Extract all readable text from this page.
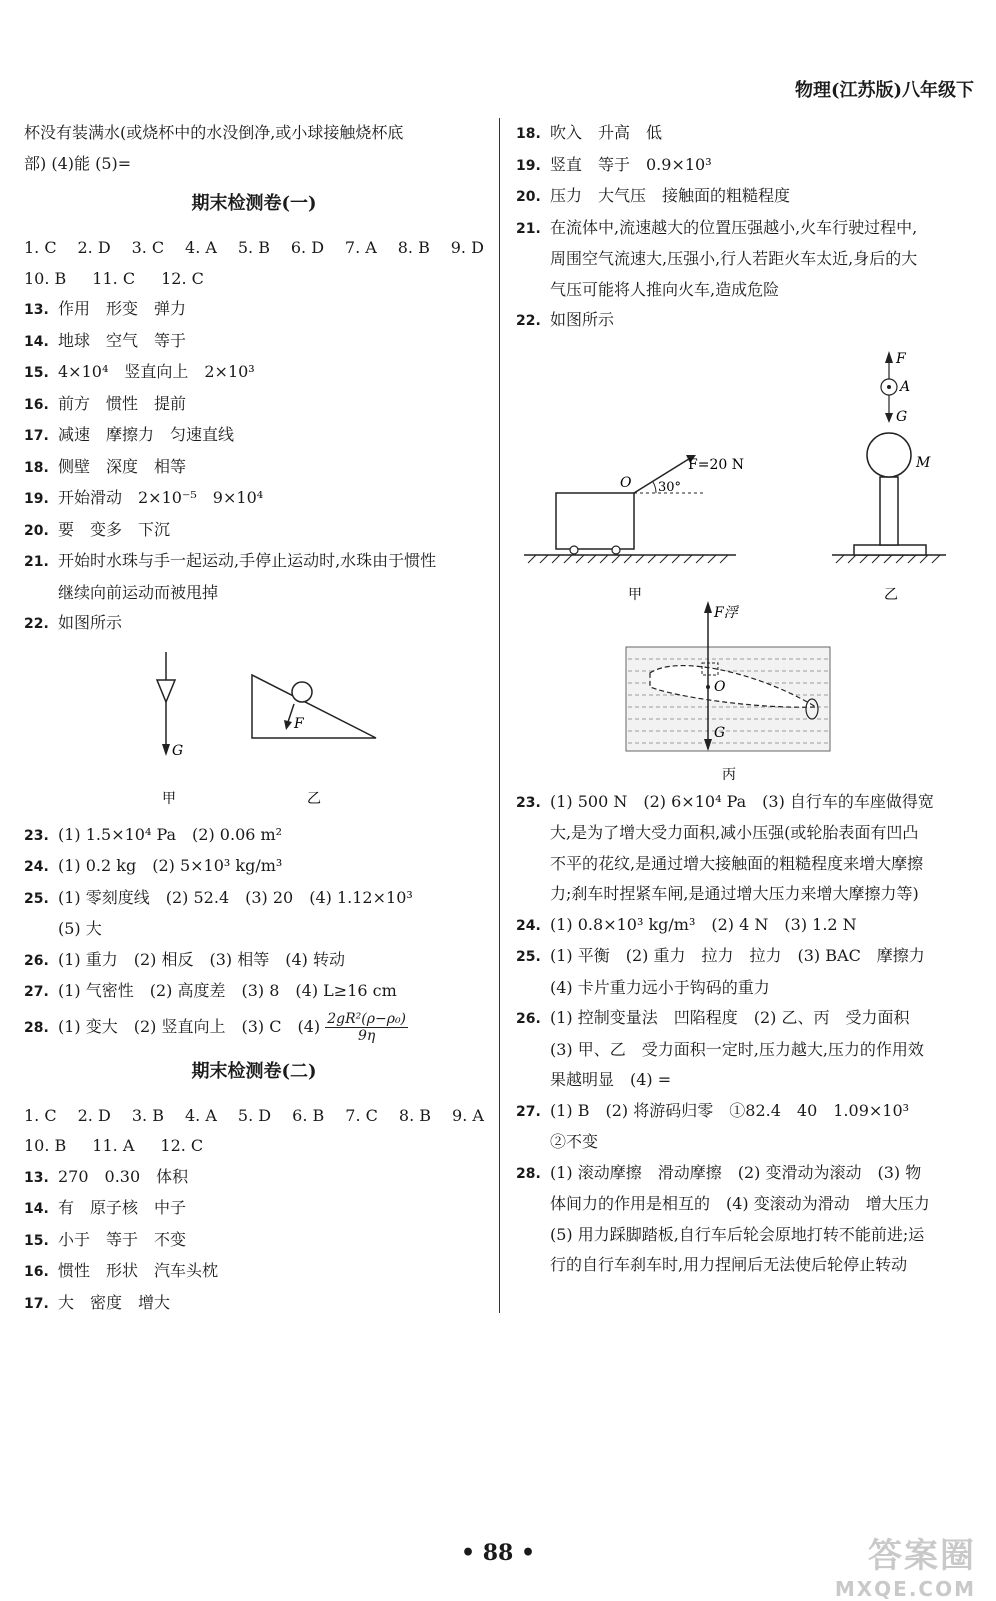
物理(江苏版)八年级下
杯没有装满水(或烧杯中的水没倒净,或小球接触烧杯底
部) (4)能 (5)=
期末检测卷(一)
1. C 2. D 3. C 4. A 5. B 6. D 7. A 8. B 9. D
10. B 11. C 12. C
13. 作用　形变　弹力
14. 地球　空气　等于
15. 4×10⁴　竖直向上　2×10³
16. 前方　惯性　提前
17. 减速　摩擦力　匀速直线
18. 侧壁　深度　相等
19. 开始滑动　2×10⁻⁵　9×10⁴
20. 要　变多　下沉
21. 开始时水珠与手一起运动,手停止运动时,水珠由于惯性
继续向前运动而被甩掉
22. 如图所示
G
甲
F
乙
23. (1) 1.5×10⁴ Pa　(2) 0.06 m²
24. (1) 0.2 kg　(2) 5×10³ kg/m³
25. (1) 零刻度线　(2) 52.4　(3) 20　(4) 1.12×10³
(5) 大
26. (1) 重力　(2) 相反　(3) 相等　(4) 转动
27. (1) 气密性　(2) 高度差　(3) 8　(4) L≥16 cm
28. (1) 变大　(2) 竖直向上　(3) C　$(4) \frac{\text{2gR²(ρ−ρ₀)}}{9\eta}$
期末检测卷(二)
1. C 2. D 3. B 4. A 5. D 6. B 7. C 8. B 9. A
10. B 11. A 12. C
13. 270　0.30　体积
14. 有　原子核　中子
15. 小于　等于　不变
16. 惯性　形状　汽车头枕
17. 大　密度　增大
18. 吹入　升高　低
19. 竖直　等于　0.9×10³
20. 压力　大气压　接触面的粗糙程度
21. 在流体中,流速越大的位置压强越小,火车行驶过程中,
周围空气流速大,压强小,行人若距火车太近,身后的大
气压可能将人推向火车,造成危险
22. 如图所示
O
F=20 N
30°
甲
F
A
G
M
乙
F浮
O
G
丙
23. (1) 500 N　(2) 6×10⁴ Pa　(3) 自行车的车座做得宽
大,是为了增大受力面积,减小压强(或轮胎表面有凹凸
不平的花纹,是通过增大接触面的粗糙程度来增大摩擦
力;刹车时捏紧车闸,是通过增大压力来增大摩擦力等)
24. (1) 0.8×10³ kg/m³　(2) 4 N　(3) 1.2 N
25. (1) 平衡　(2) 重力　拉力　拉力　(3) BAC　摩擦力
(4) 卡片重力远小于钩码的重力
26. (1) 控制变量法　凹陷程度　(2) 乙、丙　受力面积
(3) 甲、乙　受力面积一定时,压力越大,压力的作用效
果越明显　(4) =
27. (1) B　(2) 将游码归零　①82.4　40　1.09×10³
②不变
28. (1) 滚动摩擦　滑动摩擦　(2) 变滑动为滚动　(3) 物
体间力的作用是相互的　(4) 变滚动为滑动　增大压力
(5) 用力踩脚踏板,自行车后轮会原地打转不能前进;运
行的自行车刹车时,用力捏闸后无法使后轮停止转动
• 88 •	答案圈
MXQE.COM
